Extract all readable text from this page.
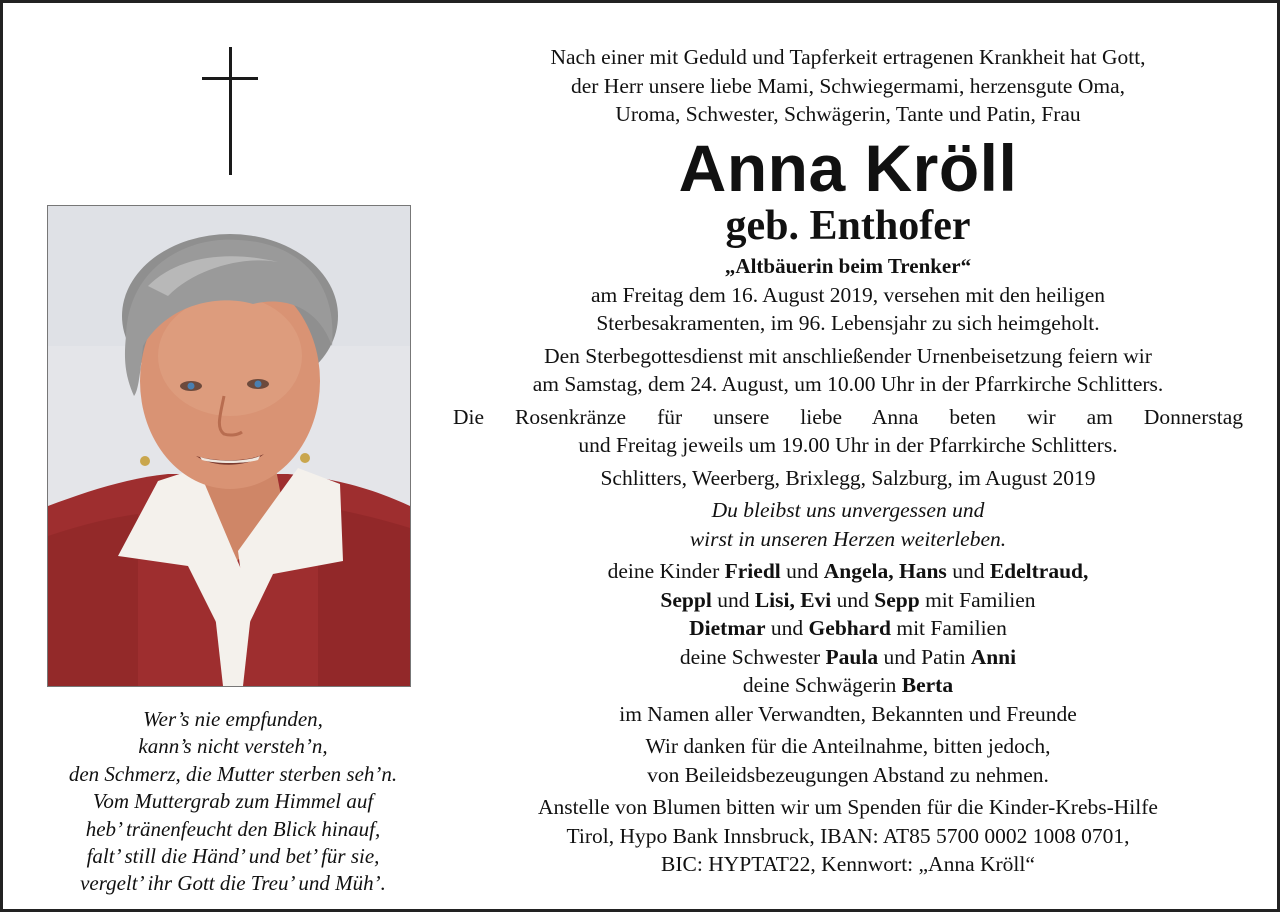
Wer’s nie empfunden,
kann’s nicht versteh’n,
den Schmerz, die Mutter sterben seh’n.
Vom Muttergrab zum Himmel auf
heb’ tränenfeucht den Blick hinauf,
falt’ still die Händ’ und bet’ für sie,
vergelt’ ihr Gott die Treu’ und Müh’.
Nach einer mit Geduld und Tapferkeit ertragenen Krankheit hat Gott,
der Herr unsere liebe Mami, Schwiegermami, herzensgute Oma,
Uroma, Schwester, Schwägerin, Tante und Patin, Frau
Anna Kröll
geb. Enthofer
„Altbäuerin beim Trenker“
am Freitag dem 16. August 2019, versehen mit den heiligen
Sterbesakramenten, im 96. Lebensjahr zu sich heimgeholt.
Den Sterbegottesdienst mit anschließender Urnenbeisetzung feiern wir
am Samstag, dem 24. August, um 10.00 Uhr in der Pfarrkirche Schlitters.
Die Rosenkränze für unsere liebe Anna beten wir am Donnerstag
und Freitag jeweils um 19.00 Uhr in der Pfarrkirche Schlitters.
Schlitters, Weerberg, Brixlegg, Salzburg, im August 2019
Du bleibst uns unvergessen und
wirst in unseren Herzen weiterleben.
deine Kinder Friedl und Angela, Hans und Edeltraud,
Seppl und Lisi, Evi und Sepp mit Familien
Dietmar und Gebhard mit Familien
deine Schwester Paula und Patin Anni
deine Schwägerin Berta
im Namen aller Verwandten, Bekannten und Freunde
Wir danken für die Anteilnahme, bitten jedoch,
von Beileidsbezeugungen Abstand zu nehmen.
Anstelle von Blumen bitten wir um Spenden für die Kinder-Krebs-Hilfe
Tirol, Hypo Bank Innsbruck, IBAN: AT85 5700 0002 1008 0701,
BIC: HYPTAT22, Kennwort: „Anna Kröll“
